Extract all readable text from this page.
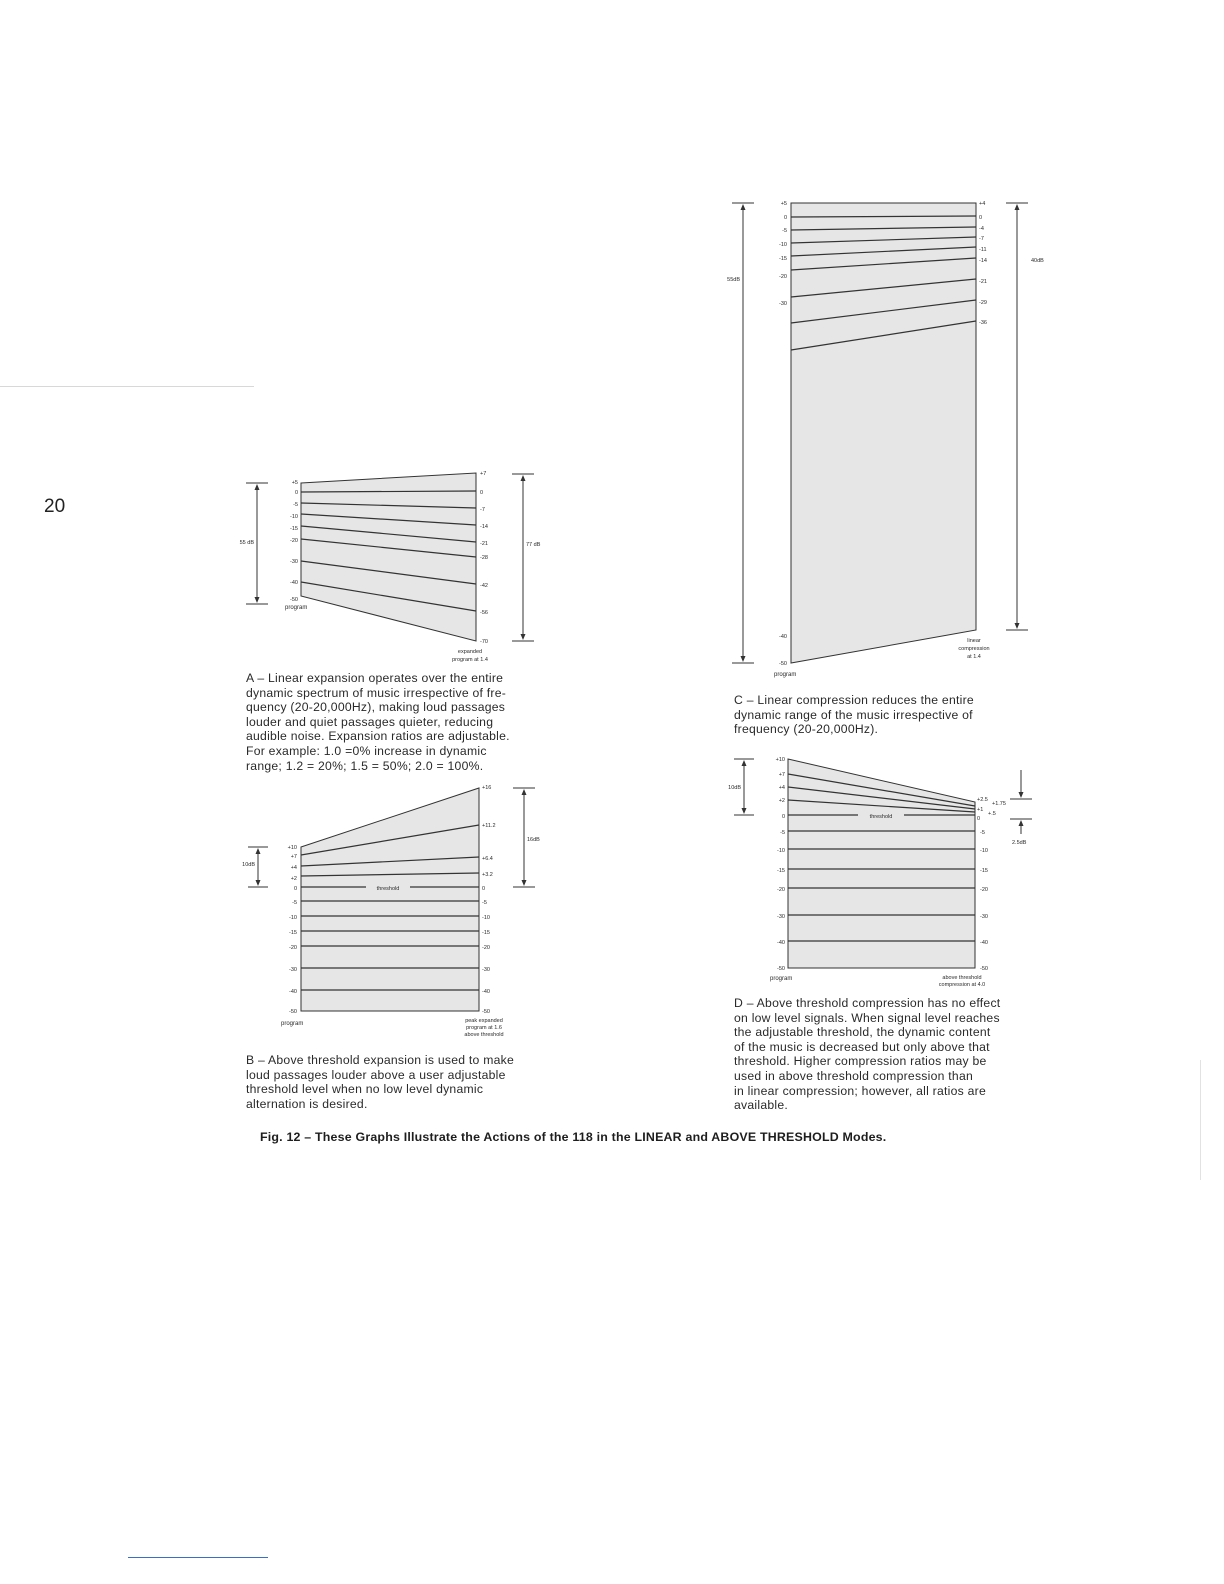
20
+5
0
-5
-10
-15
-20
-30
-40
-50
+7
0
-7
-14
-21
-28
-42
-56
-70
55 dB	77 dB
program
expanded
program at 1.4

A – Linear expansion operates over the entire

dynamic spectrum of music irrespective of fre-

quency (20-20,000Hz), making loud passages

louder and quiet passages quieter, reducing

audible noise. Expansion ratios are adjustable.

For example: 1.0 =0% increase in dynamic

range; 1.2 = 20%; 1.5 = 50%; 2.0 = 100%.

threshold
+10
+7
+4
+2
0
-5
-10
-15
-20
-30
-40
-50
+16
+11.2
+6.4
+3.2
0
-5
-10
-15
-20
-30
-40
-50
10dB
16dB
program	peak expanded
program at 1.6
above threshold

B – Above threshold expansion is used to make

loud passages louder above a user adjustable

threshold level when no low level dynamic

alternation is desired.

+5
0
-5
-10
-15
-20
-30
-40
-50
+4
0
-4
-7
-11
-14
-21
-29
-36
55dB
40dB
program
linear
compression
at 1.4

C – Linear compression reduces the entire

dynamic range of the music irrespective of

frequency (20-20,000Hz).

threshold
+10
+7
+4
+2
0
-5
-10
-15
-20
-30
-40
-50
+2.5
+1.75
+1
+.5
0
-5
-10
-15
-20
-30
-40
-50
10dB
2.5dB
program	above threshold
compression at 4.0

D – Above threshold compression has no effect

on low level signals. When signal level reaches

the adjustable threshold, the dynamic content

of the music is decreased but only above that

threshold. Higher compression ratios may be

used in above threshold compression than

in linear compression; however, all ratios are

available.

Fig. 12 – These Graphs Illustrate the Actions of the 118 in the LINEAR and ABOVE THRESHOLD Modes.
